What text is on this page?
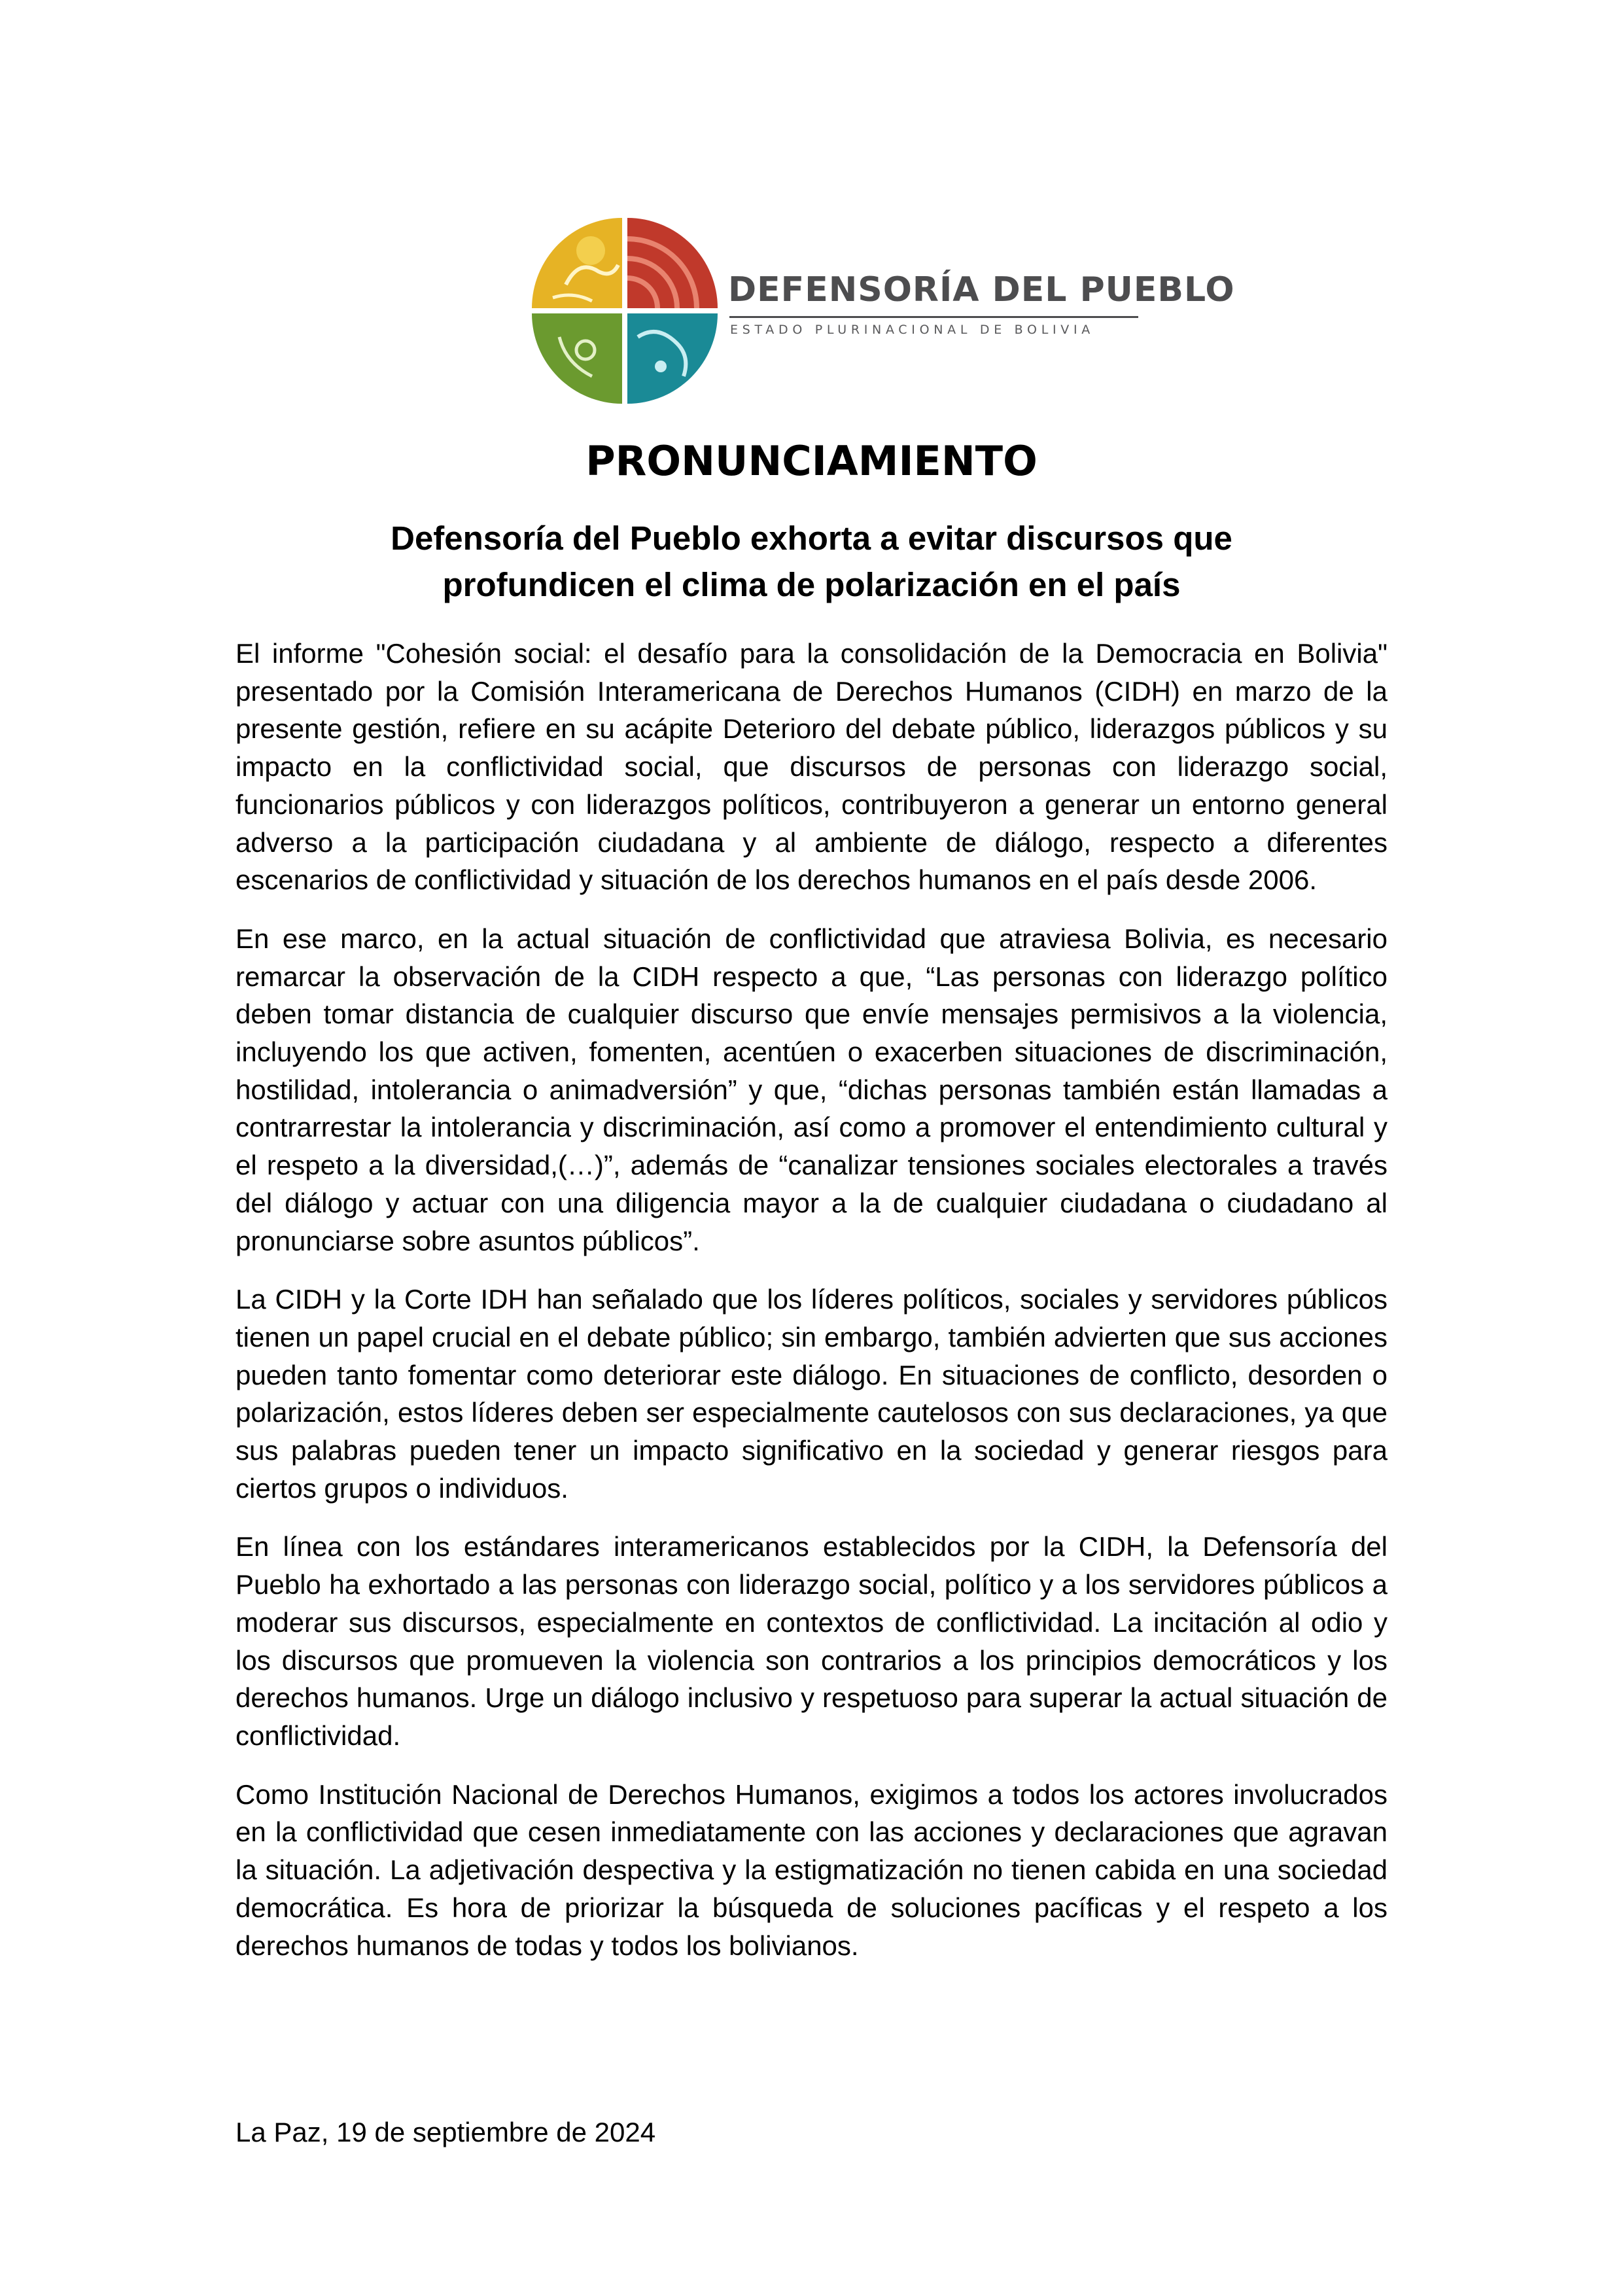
DEFENSORÍA DEL PUEBLO

ESTADO PLURINACIONAL DE BOLIVIA

PRONUNCIAMIENTO
Defensoría del Pueblo exhorta a evitar discursos que
profundicen el clima de polarización en el país

El informe "Cohesión social: el desafío para la consolidación de la Democracia en Bolivia" presentado por la Comisión Interamericana de Derechos Humanos (CIDH) en marzo de la presente gestión, refiere en su acápite Deterioro del debate público, liderazgos públicos y su impacto en la conflictividad social, que discursos de personas con liderazgo social, funcionarios públicos y con liderazgos políticos, contribuyeron a generar un entorno general adverso a la participación ciudadana y al ambiente de diálogo, respecto a diferentes escenarios de conflictividad y situación de los derechos humanos en el país desde 2006.

En ese marco, en la actual situación de conflictividad que atraviesa Bolivia, es necesario remarcar la observación de la CIDH respecto a que, “Las personas con liderazgo político deben tomar distancia de cualquier discurso que envíe mensajes permisivos a la violencia, incluyendo los que activen, fomenten, acentúen o exacerben situaciones de discriminación, hostilidad, intolerancia o animadversión” y que, “dichas personas también están llamadas a contrarrestar la intolerancia y discriminación, así como a promover el entendimiento cultural y el respeto a la diversidad,(…)”, además de “canalizar tensiones sociales electorales a través del diálogo y actuar con una diligencia mayor a la de cualquier ciudadana o ciudadano al pronunciarse sobre asuntos públicos”.

La CIDH y la Corte IDH han señalado que los líderes políticos, sociales y servidores públicos tienen un papel crucial en el debate público; sin embargo, también advierten que sus acciones pueden tanto fomentar como deteriorar este diálogo. En situaciones de conflicto, desorden o polarización, estos líderes deben ser especialmente cautelosos con sus declaraciones, ya que sus palabras pueden tener un impacto significativo en la sociedad y generar riesgos para ciertos grupos o individuos.

En línea con los estándares interamericanos establecidos por la CIDH, la Defensoría del Pueblo ha exhortado a las personas con liderazgo social, político y a los servidores públicos a moderar sus discursos, especialmente en contextos de conflictividad. La incitación al odio y los discursos que promueven la violencia son contrarios a los principios democráticos y los derechos humanos. Urge un diálogo inclusivo y respetuoso para superar la actual situación de conflictividad.

Como Institución Nacional de Derechos Humanos, exigimos a todos los actores involucrados en la conflictividad que cesen inmediatamente con las acciones y declaraciones que agravan la situación. La adjetivación despectiva y la estigmatización no tienen cabida en una sociedad democrática. Es hora de priorizar la búsqueda de soluciones pacíficas y el respeto a los derechos humanos de todas y todos los bolivianos.

La Paz, 19 de septiembre de 2024
